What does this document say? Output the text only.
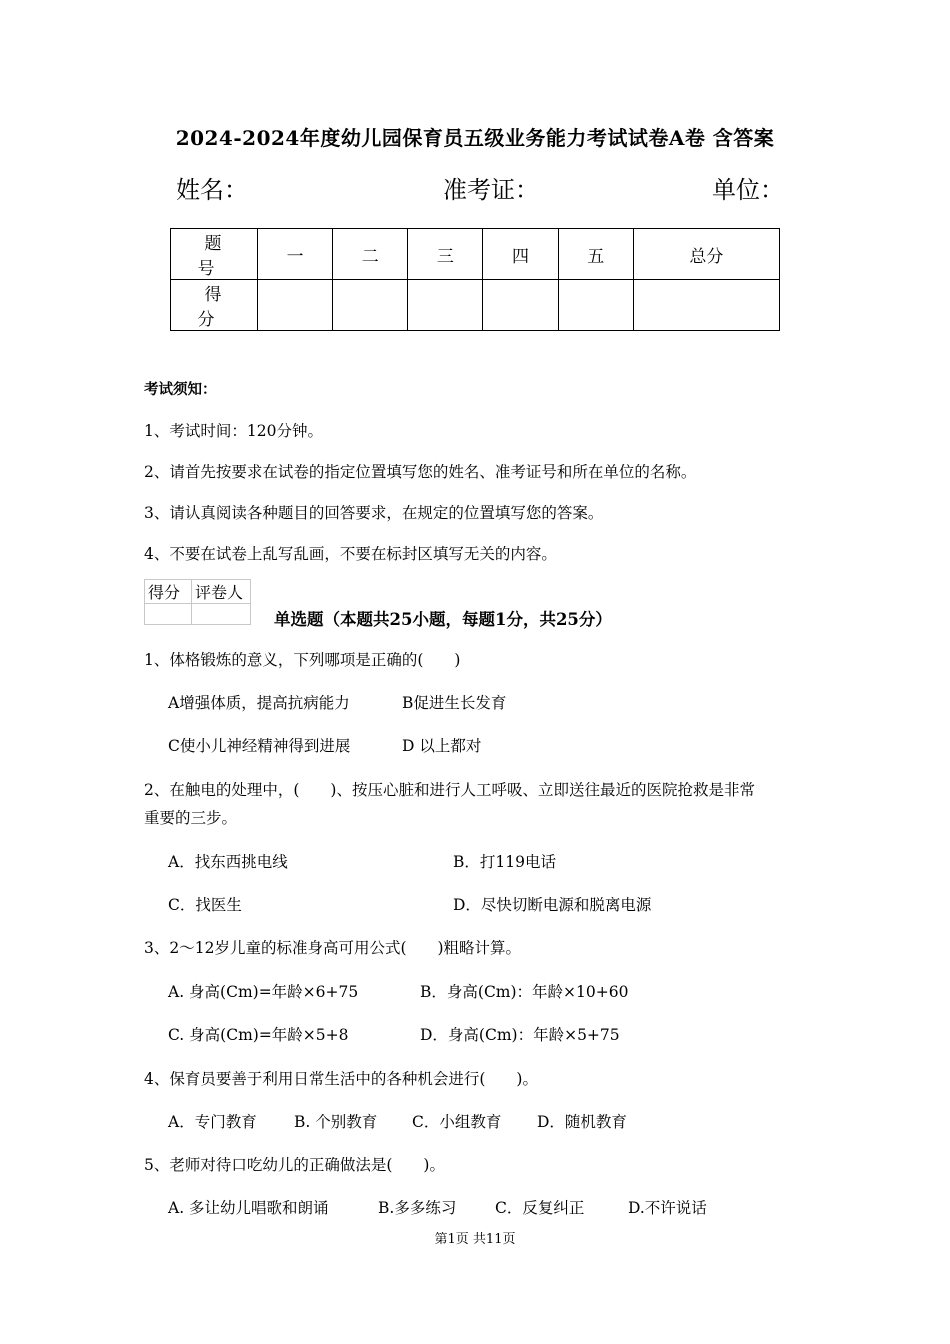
2024-2024年度幼儿园保育员五级业务能力考试试卷A卷 含答案
姓名：	准考证：	单位：
题 号	一	二	三	四	五	总分
得 分						
考试须知：
1、考试时间：120分钟。
2、请首先按要求在试卷的指定位置填写您的姓名、准考证号和所在单位的名称。
3、请认真阅读各种题目的回答要求，在规定的位置填写您的答案。
4、不要在试卷上乱写乱画，不要在标封区填写无关的内容。
得分	评卷人

单选题（本题共25小题，每题1分，共25分）
1、体格锻炼的意义，下列哪项是正确的(　　)
A增强体质，提高抗病能力	B促进生长发育
C使小儿神经精神得到进展	D 以上都对
2、在触电的处理中，(　　)、按压心脏和进行人工呼吸、立即送往最近的医院抢救是非常
重要的三步。
A．找东西挑电线	B．打119电话
C．找医生	D．尽快切断电源和脱离电源
3、2～12岁儿童的标准身高可用公式(　　)粗略计算。
A. 身高(Cm)=年龄×6+75	B．身高(Cm)：年龄×10+60
C. 身高(Cm)=年龄×5+8	D．身高(Cm)：年龄×5+75
4、保育员要善于利用日常生活中的各种机会进行(　　)。
A．专门教育 B. 个别教育 C．小组教育 D．随机教育
5、老师对待口吃幼儿的正确做法是(　　)。
A. 多让幼儿唱歌和朗诵	B.多多练习 C．反复纠正	D.不许说话
第1页 共11页
